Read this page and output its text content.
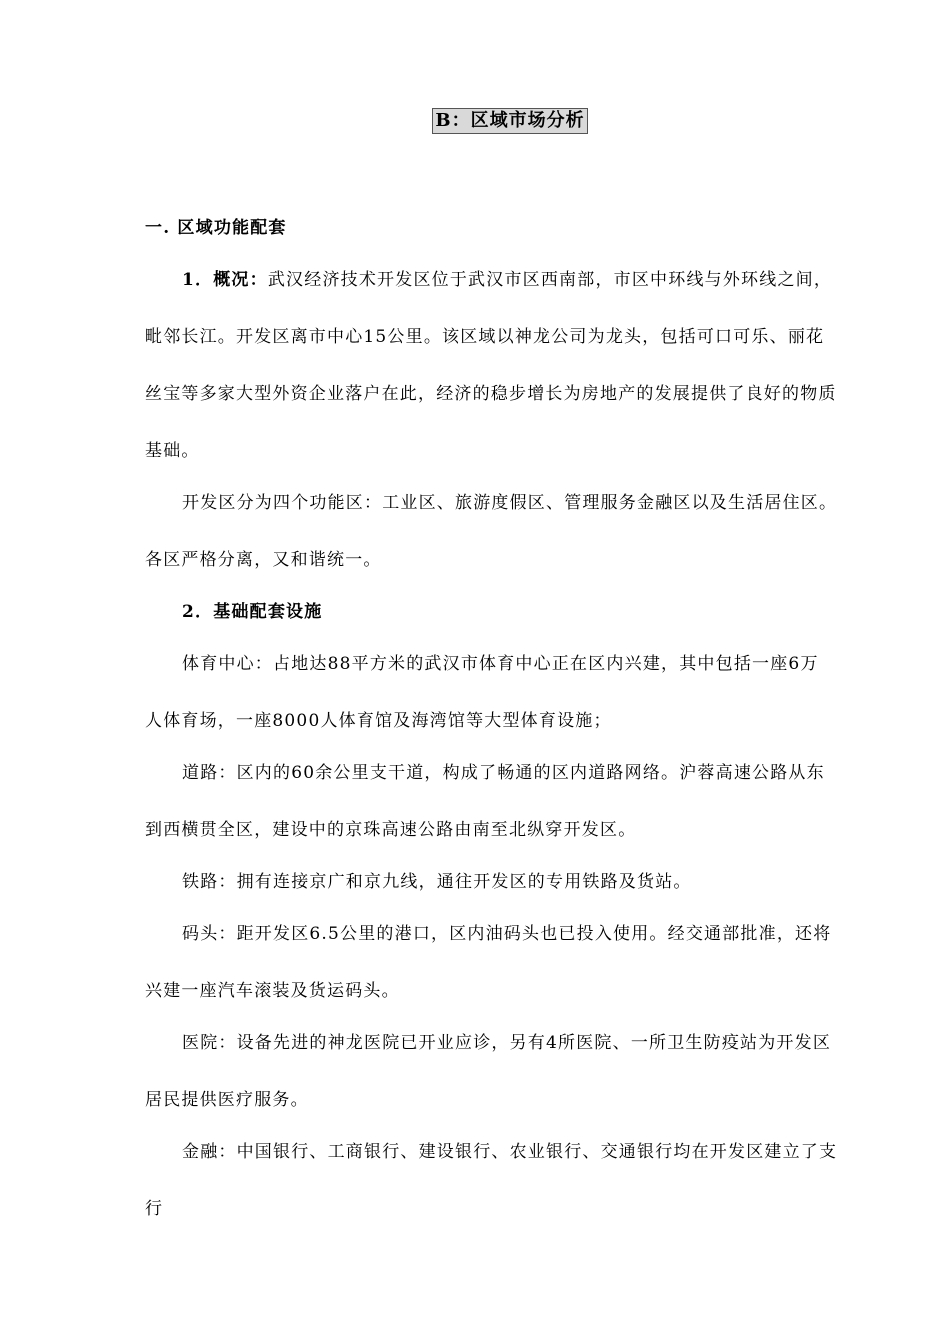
B：区域市场分析
一. 区域功能配套
1．概况：武汉经济技术开发区位于武汉市区西南部，市区中环线与外环线之间，
毗邻长江。开发区离市中心15公里。该区域以神龙公司为龙头，包括可口可乐、丽花
丝宝等多家大型外资企业落户在此，经济的稳步增长为房地产的发展提供了良好的物质
基础。
开发区分为四个功能区：工业区、旅游度假区、管理服务金融区以及生活居住区。
各区严格分离，又和谐统一。
2．基础配套设施
体育中心：占地达88平方米的武汉市体育中心正在区内兴建，其中包括一座6万
人体育场，一座8000人体育馆及海湾馆等大型体育设施；
道路：区内的60余公里支干道，构成了畅通的区内道路网络。沪蓉高速公路从东
到西横贯全区，建设中的京珠高速公路由南至北纵穿开发区。
铁路：拥有连接京广和京九线，通往开发区的专用铁路及货站。
码头：距开发区6.5公里的港口，区内油码头也已投入使用。经交通部批准，还将
兴建一座汽车滚装及货运码头。
医院：设备先进的神龙医院已开业应诊，另有4所医院、一所卫生防疫站为开发区
居民提供医疗服务。
金融：中国银行、工商银行、建设银行、农业银行、交通银行均在开发区建立了支
行
